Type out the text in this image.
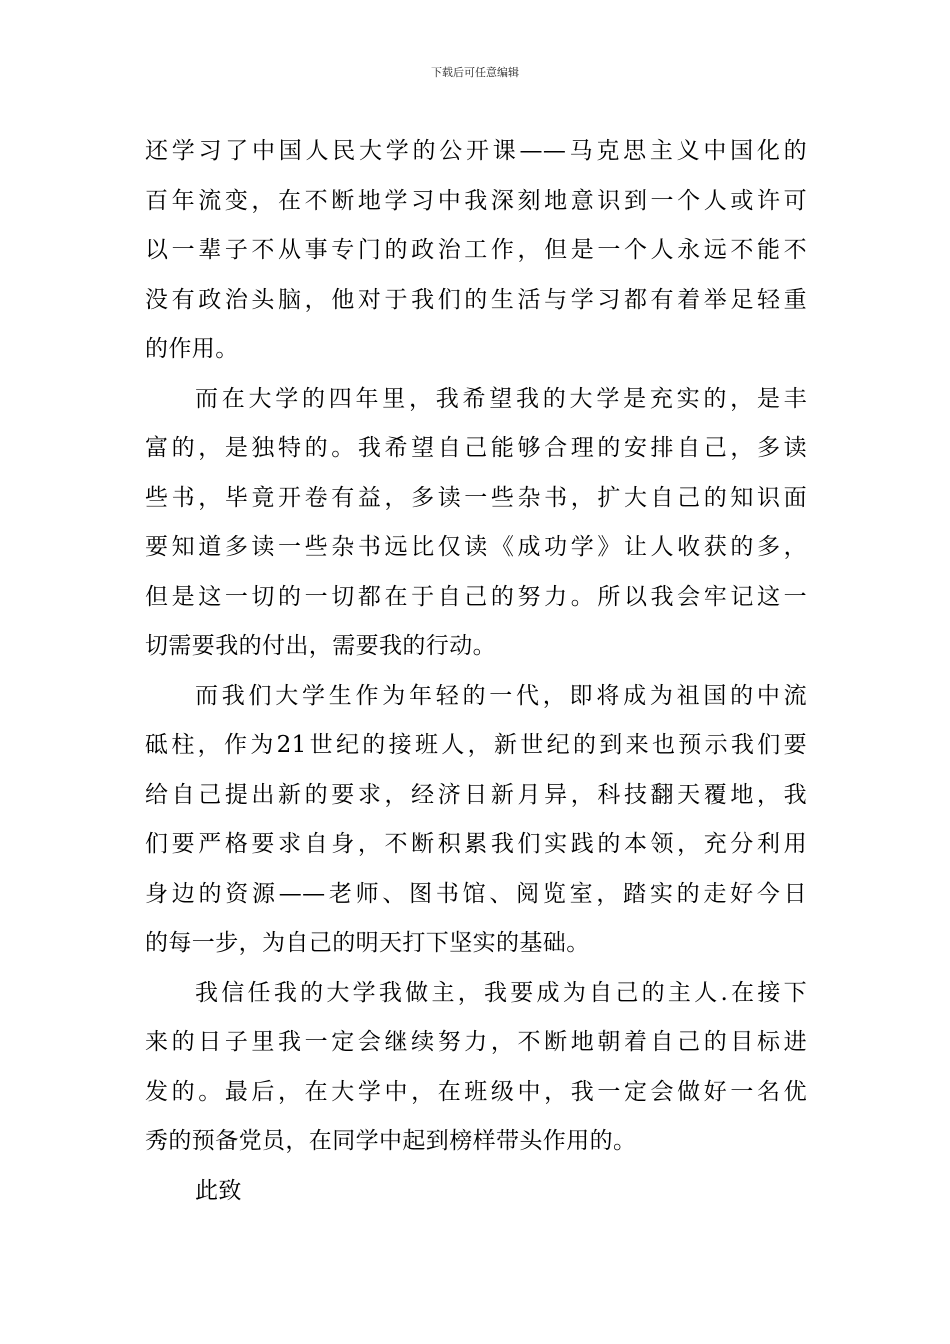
下载后可任意编辑
还学习了中国人民大学的公开课——马克思主义中国化的
百年流变，在不断地学习中我深刻地意识到一个人或许可
以一辈子不从事专门的政治工作，但是一个人永远不能不
没有政治头脑，他对于我们的生活与学习都有着举足轻重
的作用。
而在大学的四年里，我希望我的大学是充实的，是丰
富的，是独特的。我希望自己能够合理的安排自己，多读
些书，毕竟开卷有益，多读一些杂书，扩大自己的知识面
要知道多读一些杂书远比仅读《成功学》让人收获的多，
但是这一切的一切都在于自己的努力。所以我会牢记这一
切需要我的付出，需要我的行动。
而我们大学生作为年轻的一代，即将成为祖国的中流
砥柱，作为21世纪的接班人，新世纪的到来也预示我们要
给自己提出新的要求，经济日新月异，科技翻天覆地，我
们要严格要求自身，不断积累我们实践的本领，充分利用
身边的资源——老师、图书馆、阅览室，踏实的走好今日
的每一步，为自己的明天打下坚实的基础。
我信任我的大学我做主，我要成为自己的主人.在接下
来的日子里我一定会继续努力，不断地朝着自己的目标进
发的。最后，在大学中，在班级中，我一定会做好一名优
秀的预备党员，在同学中起到榜样带头作用的。
此致
